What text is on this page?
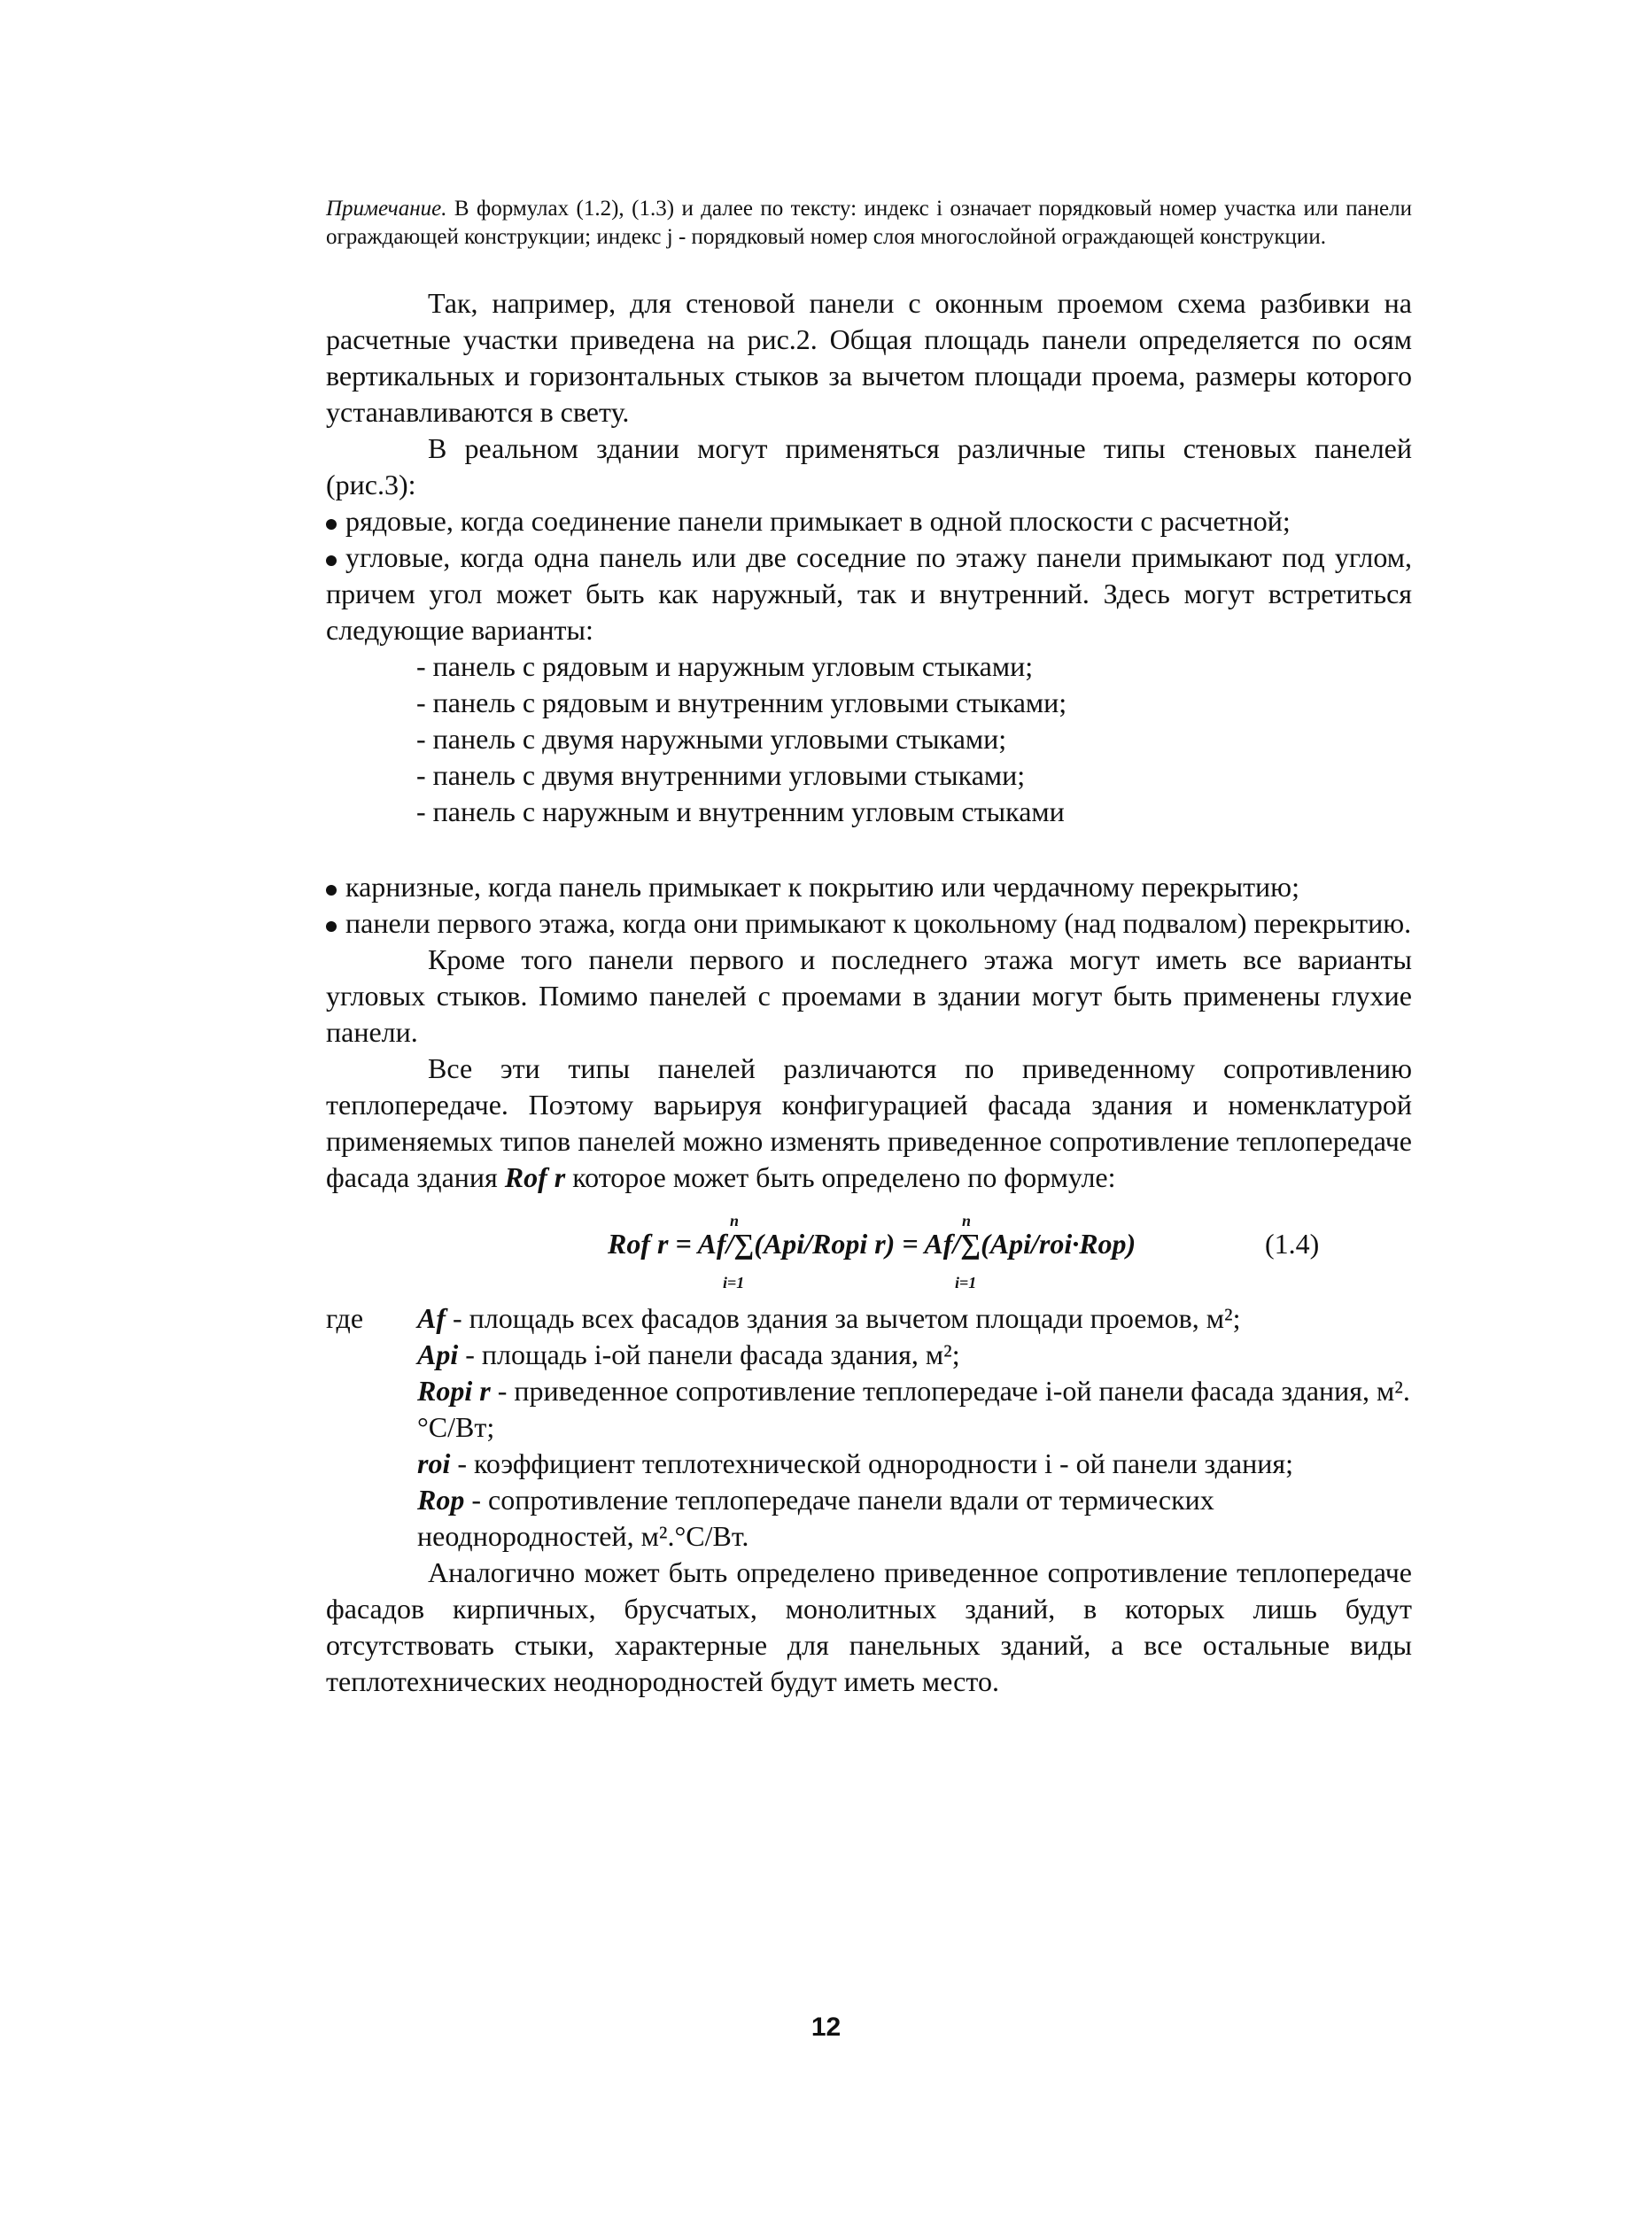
Примечание. В формулах (1.2), (1.3) и далее по тексту: индекс i означает порядковый номер участка или панели ограждающей конструкции; индекс j - порядковый номер слоя многослойной ограждающей конструкции.

Так, например, для стеновой панели с оконным проемом схема разбивки на расчетные участки приведена на рис.2. Общая площадь панели определяется по осям вертикальных и горизонтальных стыков за вычетом площади проема, размеры которого устанавливаются в свету.

В реальном здании могут применяться различные типы стеновых панелей (рис.3):

рядовые, когда соединение панели примыкает в одной плоскости с расчетной;

угловые, когда одна панель или две соседние по этажу панели примыкают под углом, причем угол может быть как наружный, так и внутренний. Здесь могут встретиться следующие варианты:

- панель с рядовым и наружным угловым стыками;

- панель с рядовым и внутренним угловыми стыками;

- панель с двумя наружными угловыми стыками;

- панель с двумя внутренними угловыми стыками;

- панель с наружным и внутренним угловым стыками

карнизные, когда панель примыкает к покрытию или чердачному перекрытию;

панели первого этажа, когда они примыкают к цокольному (над подвалом) перекрытию.

Кроме того панели первого и последнего этажа могут иметь все варианты угловых стыков. Помимо панелей с проемами в здании могут быть применены глухие панели.

Все эти типы панелей различаются по приведенному сопротивлению теплопередаче. Поэтому варьируя конфигурацией фасада здания и номенклатурой применяемых типов панелей можно изменять приведенное сопротивление теплопередаче фасада здания Rof r которое может быть определено по формуле:

Rof r = Af/∑(Api/Ropi r) = Af/∑(Api/roi·Rop)
n
i=1
n
i=1
(1.4)
где Af - площадь всех фасадов здания за вычетом площади проемов, м²;

Api - площадь i-ой панели фасада здания, м²;

Ropi r - приведенное сопротивление теплопередаче i-ой панели фасада здания, м².°С/Вт;

roi - коэффициент теплотехнической однородности i - ой панели здания;

Rop - сопротивление теплопередаче панели вдали от термических неоднородностей, м².°С/Вт.

Аналогично может быть определено приведенное сопротивление теплопередаче фасадов кирпичных, брусчатых, монолитных зданий, в которых лишь будут отсутствовать стыки, характерные для панельных зданий, а все остальные виды теплотехнических неоднородностей будут иметь место.

12
